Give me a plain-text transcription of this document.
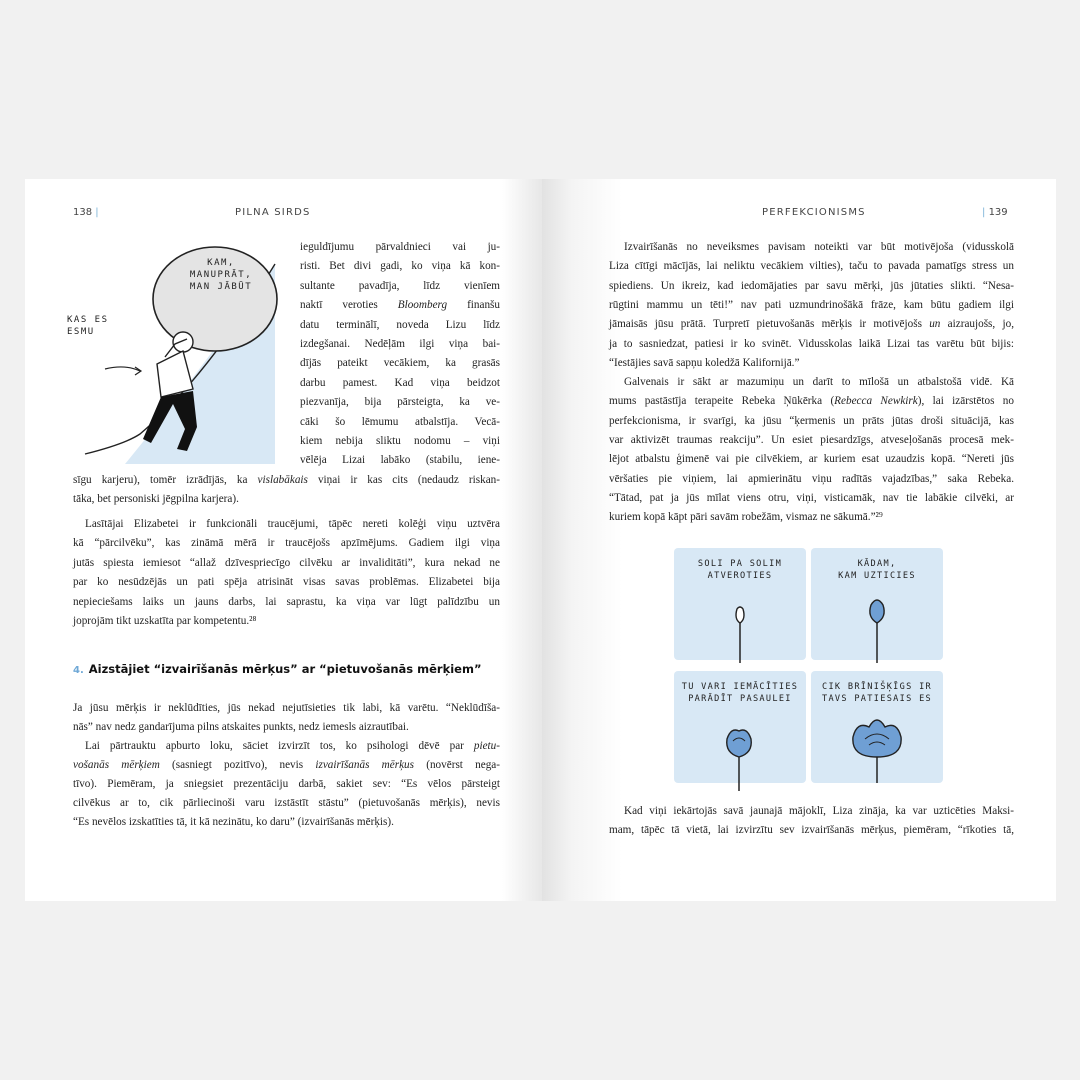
138 |	PILNA SIRDS
KAM,
MANUPRĀT,
MAN JĀBŪT
KAS ES
ESMU
ieguldījumu pārvaldnieci vai ju-
risti. Bet divi gadi, ko viņa kā kon-
sultante pavadīja, līdz vienīem
naktī veroties Bloomberg finanšu
datu terminālī, noveda Lizu līdz
izdegšanai. Nedēļām ilgi viņa bai-
dījās pateikt vecākiem, ka grasās
darbu pamest. Kad viņa beidzot
piezvanīja, bija pārsteigta, ka ve-
cāki šo lēmumu atbalstīja. Vecā-
kiem nebija sliktu nodomu – viņi
vēlēja Lizai labāko (stabilu, iene-
sīgu karjeru), tomēr izrādījās, ka vislabākais viņai ir kas cits (nedaudz riskan-
tāka, bet personiski jēgpilna karjera).
Lasītājai Elizabetei ir funkcionāli traucējumi, tāpēc nereti kolēģi viņu uztvēra
kā “pārcilvēku”, kas zināmā mērā ir traucējošs apzīmējums. Gadiem ilgi viņa
jutās spiesta iemiesot “allaž dzīvespriecīgo cilvēku ar invaliditāti”, kura nekad ne
par ko nesūdzējās un pati spēja atrisināt visas savas problēmas. Elizabetei bija
nepieciešams laiks un jauns darbs, lai saprastu, ka viņa var lūgt palīdzību un
joprojām tikt uzskatīta par kompetentu.²⁸
4. Aizstājiet “izvairīšanās mērķus” ar “pietuvošanās mērķiem”
Ja jūsu mērķis ir neklūdīties, jūs nekad nejutīsieties tik labi, kā varētu. “Neklūdīša-
nās” nav nedz gandarījuma pilns atskaites punkts, nedz iemesls aizrautībai.
Lai pārtrauktu apburto loku, sāciet izvirzīt tos, ko psihologi dēvē par pietu-
vošanās mērķiem (sasniegt pozitīvo), nevis izvairīšanās mērķus (novērst nega-
tīvo). Piemēram, ja sniegsiet prezentāciju darbā, sakiet sev: “Es vēlos pārsteigt
cilvēkus ar to, cik pārliecinoši varu izstāstīt stāstu” (pietuvošanās mērķis), nevis
“Es nevēlos izskatīties tā, it kā nezinātu, ko daru” (izvairīšanās mērķis).
PERFEKCIONISMS	| 139
Izvairīšanās no neveiksmes pavisam noteikti var būt motivējoša (vidusskolā
Liza cītīgi mācījās, lai neliktu vecākiem vilties), taču to pavada pamatīgs stress un
spiediens. Un ikreiz, kad iedomājaties par savu mērķi, jūs jūtaties slikti. “Nesa-
rūgtini mammu un tēti!” nav pati uzmundrinošākā frāze, kam būtu gadiem ilgi
jāmaisās jūsu prātā. Turpretī pietuvošanās mērķis ir motivējošs un aizraujošs, jo,
ja to sasniedzat, patiesi ir ko svinēt. Vidusskolas laikā Lizai tas varētu būt bijis:
“Iestājies savā sapņu koledžā Kalifornijā.”
Galvenais ir sākt ar mazumiņu un darīt to mīlošā un atbalstošā vidē. Kā
mums pastāstīja terapeite Rebeka Ņūkērka (Rebecca Newkirk), lai izārstētos no
perfekcionisma, ir svarīgi, ka jūsu “ķermenis un prāts jūtas droši situācijā, kas
var aktivizēt traumas reakciju”. Un esiet piesardzīgs, atveseļošanās procesā mek-
lējot atbalstu ģimenē vai pie cilvēkiem, ar kuriem esat uzaudzis kopā. “Nereti jūs
vēršaties pie viņiem, lai apmierinātu viņu radītās vajadzības,” saka Rebeka.
“Tātad, pat ja jūs mīlat viens otru, viņi, visticamāk, nav tie labākie cilvēki, ar
kuriem kopā kāpt pāri savām robežām, vismaz ne sākumā.”²⁹
SOLI PA SOLIM
ATVEROTIES
KĀDAM,
KAM UZTICIES
TU VARI IEMĀCĪTIES
PARĀDĪT PASAULEI
CIK BRĪNIŠĶĪGS IR
TAVS PATIESAIS ES
Kad viņi iekārtojās savā jaunajā mājoklī, Liza zināja, ka var uzticēties Maksi-
mam, tāpēc tā vietā, lai izvirzītu sev izvairīšanās mērķus, piemēram, “rīkoties tā,
